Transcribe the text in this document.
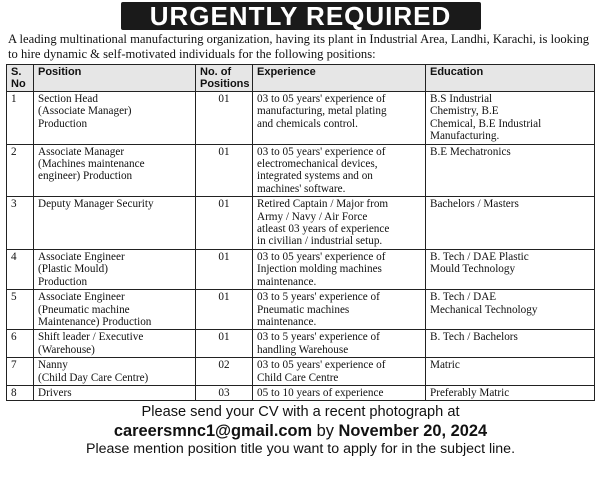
URGENTLY REQUIRED
A leading multinational manufacturing organization, having its plant in Industrial Area, Landhi, Karachi, is looking to hire dynamic & self-motivated individuals for the following positions:
S. No	Position	No. of Positions	Experience	Education

1	Section Head
(Associate Manager)
Production	01	03 to 05 years' experience of
manufacturing, metal plating
and chemicals control.	B.S Industrial
Chemistry, B.E
Chemical, B.E Industrial
Manufacturing.

2	Associate Manager
(Machines maintenance
engineer) Production	01	03 to 05 years' experience of
electromechanical devices,
integrated systems and on
machines' software.	B.E Mechatronics

3	Deputy Manager Security	01	Retired Captain / Major from
Army / Navy / Air Force
atleast 03 years of experience
in civilian / industrial setup.	Bachelors / Masters

4	Associate Engineer
(Plastic Mould)
Production	01	03 to 05 years' experience of
Injection molding machines
maintenance.	B. Tech / DAE Plastic
Mould Technology

5	Associate Engineer
(Pneumatic machine
Maintenance) Production	01	03 to 5 years' experience of
Pneumatic machines
maintenance.	B. Tech / DAE
Mechanical Technology

6	Shift leader / Executive
(Warehouse)	01	03 to 5 years' experience of
handling Warehouse	B. Tech / Bachelors

7	Nanny
(Child Day Care Centre)	02	03 to 05 years' experience of
Child Care Centre	Matric

8	Drivers	03	05 to 10 years of experience	Preferably Matric
Please send your CV with a recent photograph at
careersmnc1@gmail.com by November 20, 2024
Please mention position title you want to apply for in the subject line.
